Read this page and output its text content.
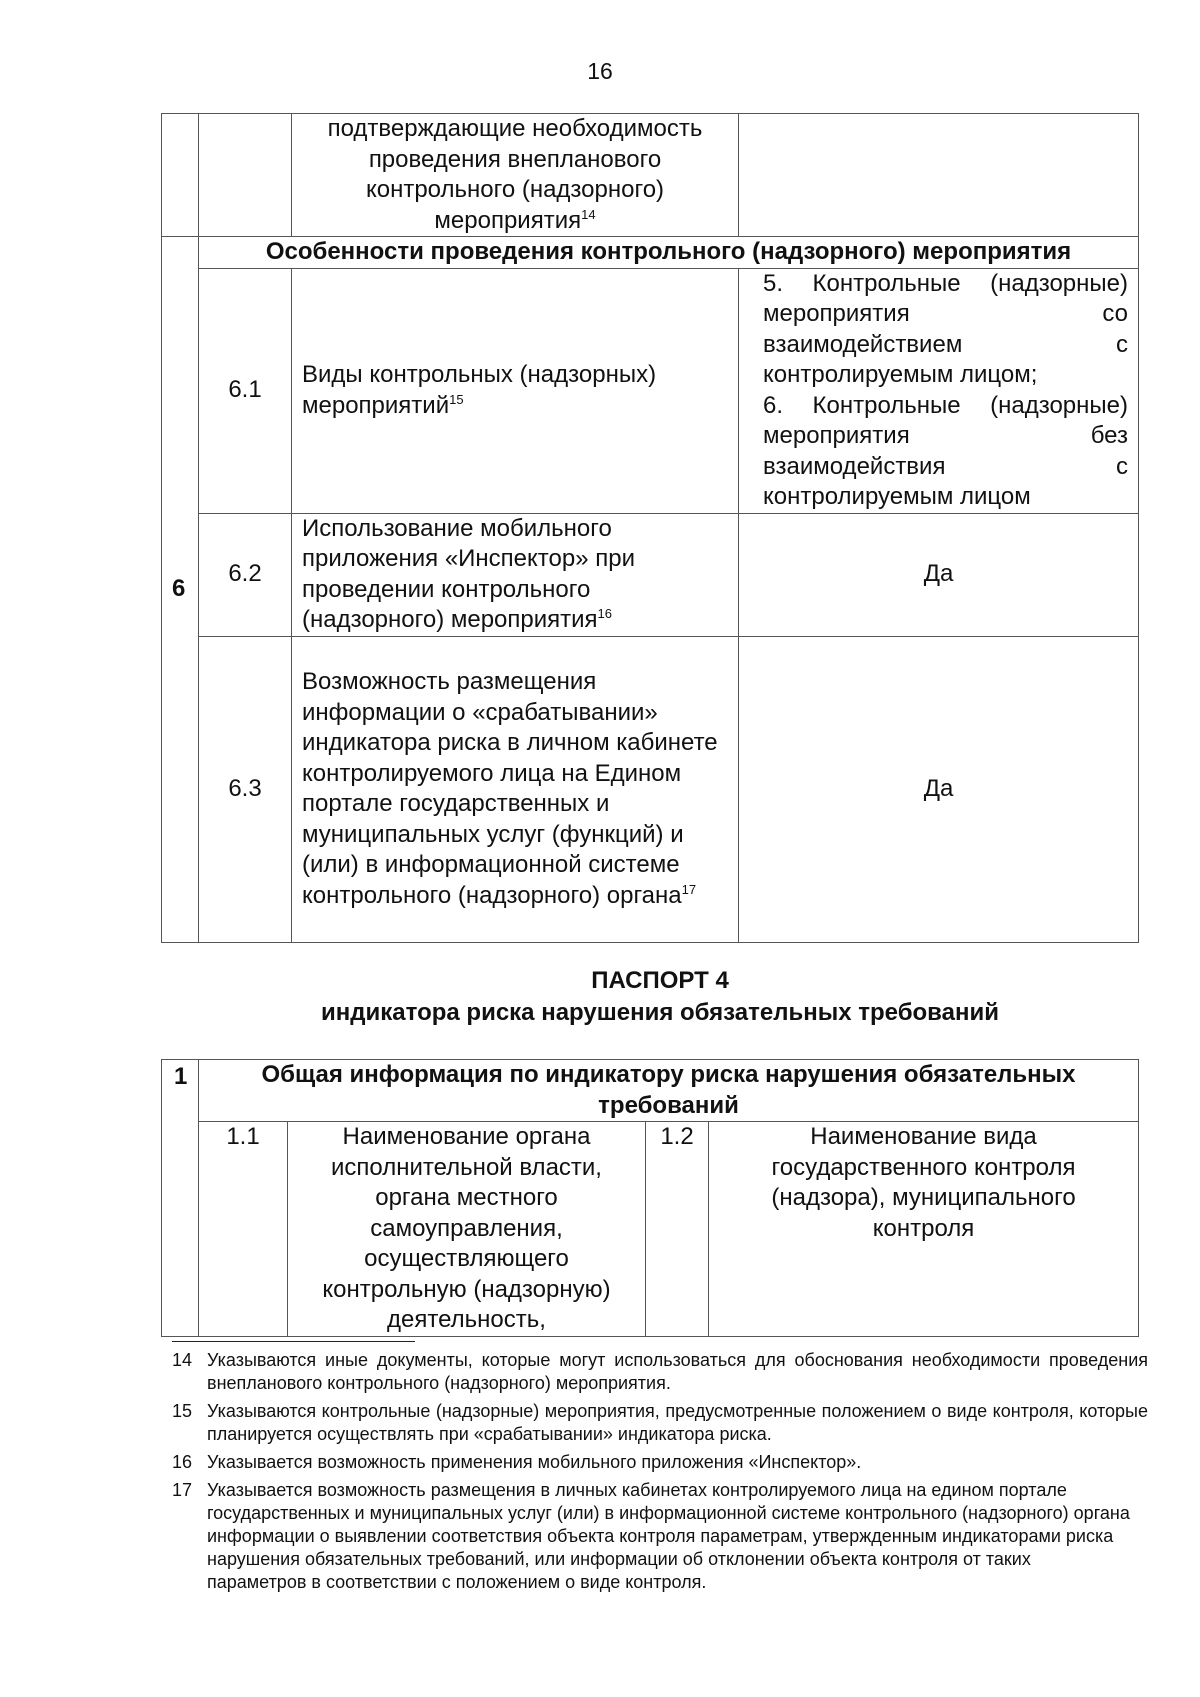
16
		подтверждающие необходимость проведения внепланового контрольного (надзорного) мероприятия$^{14}$	
6	Особенности проведения контрольного (надзорного) мероприятия		
	6.1	Виды контрольных (надзорных) мероприятий$^{15}$	5. Контрольные (надзорные) мероприятия со взаимодействием с контролируемым лицом;
6. Контрольные (надзорные) мероприятия без взаимодействия с контролируемым лицом

	6.2	Использование мобильного приложения «Инспектор» при проведении контрольного (надзорного) мероприятия$^{16}$	Да
	6.3	Возможность размещения информации о «срабатывании» индикатора риска в личном кабинете контролируемого лица на Едином портале государственных и муниципальных услуг (функций) и (или) в информационной системе контрольного (надзорного) органа$^{17}$	Да
ПАСПОРТ 4
индикатора риска нарушения обязательных требований
1	Общая информация по индикатору риска нарушения обязательных требований			
	1.1	Наименование органа исполнительной власти, органа местного самоуправления, осуществляющего контрольную (надзорную) деятельность,	1.2	Наименование вида государственного контроля (надзора), муниципального контроля
14 Указываются иные документы, которые могут использоваться для обоснования необходимости проведения внепланового контрольного (надзорного) мероприятия.
15 Указываются контрольные (надзорные) мероприятия, предусмотренные положением о виде контроля, которые планируется осуществлять при «срабатывании» индикатора риска.
16 Указывается возможность применения мобильного приложения «Инспектор».
17 Указывается возможность размещения в личных кабинетах контролируемого лица на едином портале государственных и муниципальных услуг (или) в информационной системе контрольного (надзорного) органа информации о выявлении соответствия объекта контроля параметрам, утвержденным индикаторами риска нарушения обязательных требований, или информации об отклонении объекта контроля от таких параметров в соответствии с положением о виде контроля.
